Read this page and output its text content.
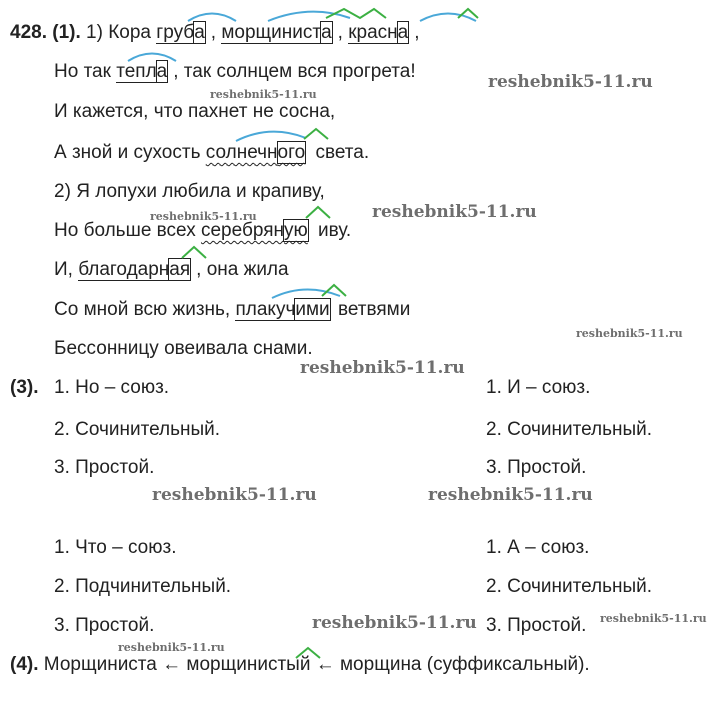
428. (1). 1) Кора груба , морщиниста , красна ,
Но так тепла , так солнцем вся прогрета!
И кажется, что пахнет не сосна,
А зной и сухость солнечного света.
2) Я лопухи любила и крапиву,
Но больше всех серебряную иву.
И, благодарная , она жила
Со мной всю жизнь, плакучими ветвями
Бессонницу овеивала снами.
(3). 1. Но – союз.
2. Сочинительный.
3. Простой.
1. И – союз.
2. Сочинительный.
3. Простой.
1. Что – союз.
2. Подчинительный.
3. Простой.
1. А – союз.
2. Сочинительный.
3. Простой.
(4). Морщиниста ← морщинистый ← морщина (суффиксальный).
reshebnik5-11.ru
reshebnik5-11.ru
reshebnik5-11.ru
reshebnik5-11.ru
reshebnik5-11.ru
reshebnik5-11.ru
reshebnik5-11.ru	reshebnik5-11.ru
reshebnik5-11.ru	reshebnik5-11.ru
reshebnik5-11.ru
